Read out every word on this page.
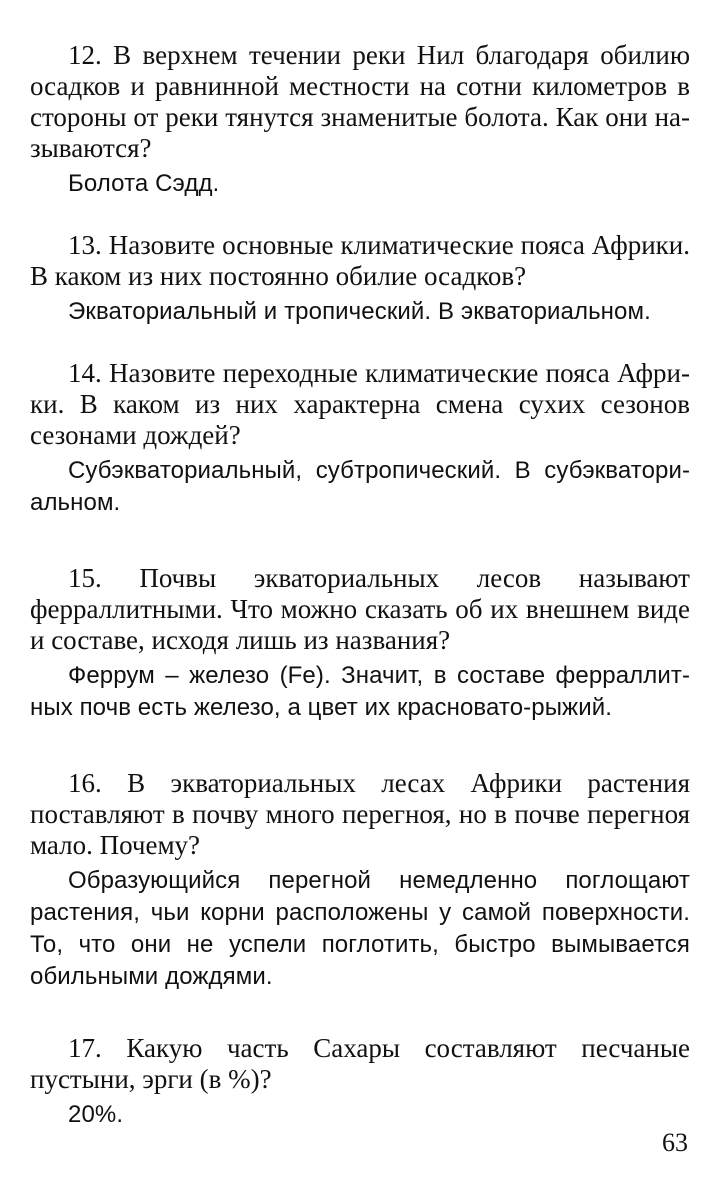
12. В верхнем течении реки Нил благодаря обилию осадков и равнинной местности на сотни километров в стороны от реки тянутся знаменитые болота. Как они называются?

Болота Сэдд.

13. Назовите основные климатические пояса Африки. В каком из них постоянно обилие осадков?

Экваториальный и тропический. В экваториальном.

14. Назовите переходные климатические пояса Африки. В каком из них характерна смена сухих сезонов сезонами дождей?

Субэкваториальный, субтропический. В субэкваториальном.

15. Почвы экваториальных лесов называют ферраллитными. Что можно сказать об их внешнем виде и составе, исходя лишь из названия?

Феррум – железо (Fe). Значит, в составе ферраллитных почв есть железо, а цвет их красновато-рыжий.

16. В экваториальных лесах Африки растения поставляют в почву много перегноя, но в почве перегноя мало. Почему?

Образующийся перегной немедленно поглощают растения, чьи корни расположены у самой поверхности. То, что они не успели поглотить, быстро вымывается обильными дождями.

17. Какую часть Сахары составляют песчаные пустыни, эрги (в %)?

20%.

63
